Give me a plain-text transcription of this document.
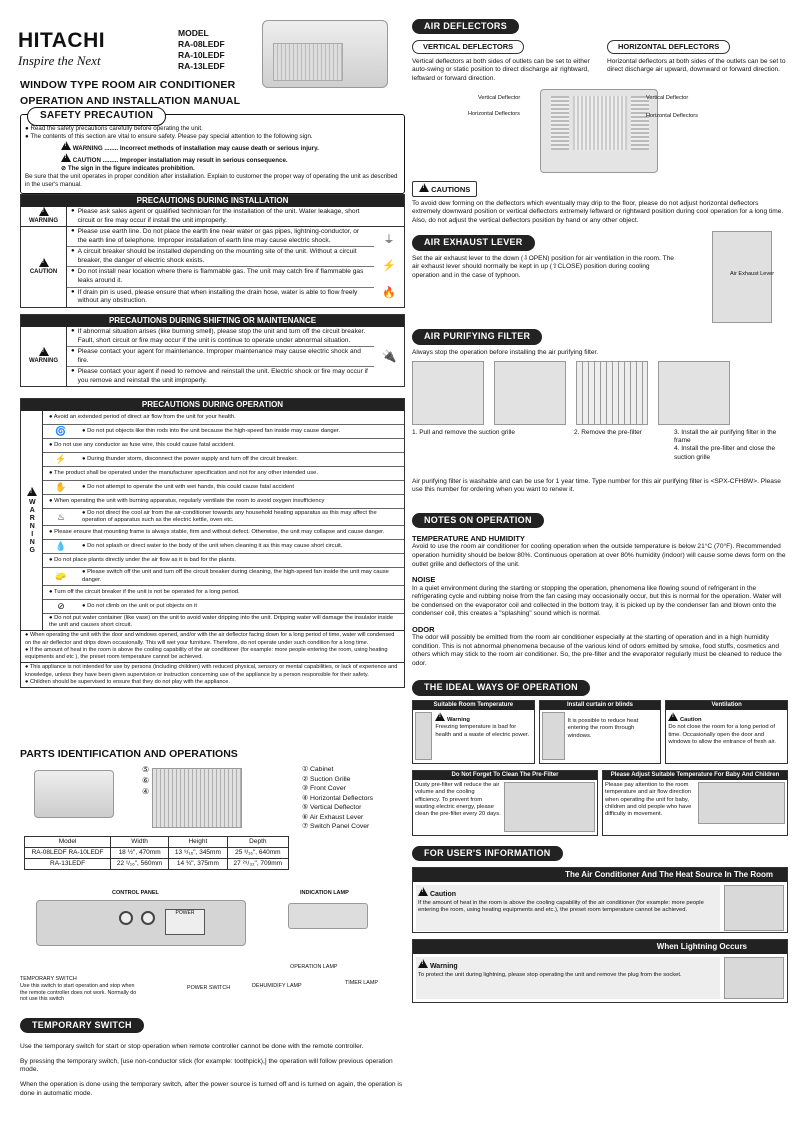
HITACHI
Inspire the Next
MODEL
RA-08LEDF
RA-10LEDF
RA-13LEDF
WINDOW TYPE ROOM AIR CONDITIONER
OPERATION AND INSTALLATION MANUAL
SAFETY PRECAUTION
● Read the safety precautions carefully before operating the unit.
● The contents of this section are vital to ensure safety. Please pay special attention to the following sign.
! WARNING ........ Incorrect methods of installation may cause death or serious injury.
! CAUTION ......... Improper installation may result in serious consequence.
⊘ The sign in the figure indicates prohibition.
Be sure that the unit operates in proper condition after installation. Explain to customer the proper way of operating the unit as described in the user's manual.
PRECAUTIONS DURING INSTALLATION
!
WARNING
● Please ask sales agent or qualified technician for the installation of the unit. Water leakage, short circuit or fire may occur if install the unit improperly.
!
CAUTION
● Please use earth line. Do not place the earth line near water or gas pipes, lightning-conductor, or the earth line of telephone. Improper installation of earth line may cause electric shock.
● A circuit breaker should be installed depending on the mounting site of the unit. Without a circuit breaker, the danger of electric shock exists.
● Do not install near location where there is flammable gas. The unit may catch fire if flammable gas leaks around it.
● If drain pin is used, please ensure that when installing the drain hose, water is able to flow freely without any obstruction.
⏚
⚡
🔥
PRECAUTIONS DURING SHIFTING OR MAINTENANCE
!
WARNING
● If abnormal situation arises (like burning smell), please stop the unit and turn off the circuit breaker. Fault, short circuit or fire may occur if the unit is continue to operate under abnormal situation.
● Please contact your agent for maintenance. Improper maintenance may cause electric shock and fire.
● Please contact your agent if need to remove and reinstall the unit. Electric shock or fire may occur if you remove and reinstall the unit improperly.
🔌
PRECAUTIONS DURING OPERATION
!
WARNING
● Avoid an extended period of direct air flow from the unit for your health.
🌀	● Do not put objects like thin rods into the unit because the high-speed fan inside may cause danger.
● Do not use any conductor as fuse wire, this could cause fatal accident.
⚡	● During thunder storm, disconnect the power supply and turn off the circuit breaker.
● The product shall be operated under the manufacturer specification and not for any other intended use.
✋	● Do not attempt to operate the unit with wet hands, this could cause fatal accident
● When operating the unit with burning apparatus, regularly ventilate the room to avoid oxygen insufficiency
♨	● Do not direct the cool air from the air-conditioner towards any household heating apparatus as this may affect the operation of apparatus such as the electric kettle, oven etc.
● Please ensure that mounting frame is always stable, firm and without defect. Otherwise, the unit may collapse and cause danger.
💧	● Do not splash or direct water to the body of the unit when cleaning it as this may cause short circuit.
● Do not place plants directly under the air flow as it is bad for the plants.
🧽	● Please switch off the unit and turn off the circuit breaker during cleaning, the high-speed fan inside the unit may cause danger.
● Turn off the circuit breaker if the unit is not be operated for a long period.
⊘	● Do not climb on the unit or put objects on it
● Do not put water container (like vase) on the unit to avoid water dripping into the unit. Dripping water will damage the insulator inside the unit and causes short circuit.
● When operating the unit with the door and windows opened, and/or with the air deflector facing down for a long period of time, water will condensed on the air deflector and drips down occasionally. This will wet your furniture. Therefore, do not operate under such condition for a long time.
● If the amount of heat in the room is above the cooling capability of the air conditioner (for example: more people entering the room, using heating equipments and etc ), the preset room temperature cannot be achieved.
● This appliance is not intended for use by persons (including children) with reduced physical, sensory or mental capabilities, or lack of experience and knowledge, unless they have been given supervision or instruction concerning use of the appliance by a person responsible for their safety.
● Children should be supervised to ensure that they do not play with the appliance.
PARTS IDENTIFICATION AND OPERATIONS
⑤
⑥
④
① Cabinet
② Suction Grille
③ Front Cover
④ Horizontal Deflectors
⑤ Vertical Deflector
⑥ Air Exhaust Lever
⑦ Switch Panel Cover
Model	Width	Height	Depth
RA-08LEDF RA-10LEDF	18 ½", 470mm	13 ⁹/₁₆", 345mm	25 ³/₁₆", 640mm
RA-13LEDF	22 ¹/₁₆", 560mm	14 ¾", 375mm	27 ²⁹/₃₂", 709mm
CONTROL PANEL
POWER
TEMPORARY SWITCH
Use this switch to start operation and stop when the remote controller does not work. Normally do not use this switch
POWER SWITCH
INDICATION LAMP
OPERATION LAMP
DEHUMIDIFY LAMP	TIMER LAMP
TEMPORARY SWITCH
Use the temporary switch for start or stop operation when remote controller cannot be done with the remote controller.
By pressing the temporary switch, [use non-conductor stick (for example: toothpick),] the operation will follow previous operation mode.
When the operation is done using the temporary switch, after the power source is turned off and is turned on again, the operation is done in automatic mode.
AIR DEFLECTORS
VERTICAL DEFLECTORS
Vertical deflectors at both sides of outlets can be set to either auto-swing or static position to direct discharge air rightward, leftward or forward direction.
HORIZONTAL DEFLECTORS
Horizontal deflectors at both sides of the outlets can be set to direct discharge air upward, downward or forward direction.
Vertical Deflector
Horizontal Deflectors
Vertical Deflector
Horizontal Deflectors
! CAUTIONS
To avoid dew forming on the deflectors which eventually may drip to the floor, please do not adjust horizontal deflectors extremely downward position or vertical deflectors extremely leftward or rightward position during cool operation for a long time.
Also, do not adjust the vertical deflectors position by hand or any other object.
AIR EXHAUST LEVER
Set the air exhaust lever to the down (⇩OPEN) position for air ventilation in the room. The air exhaust lever should normally be kept in up (⇧CLOSE) position during cooling operation and in the case of typhoon.	Air Exhaust Lever
AIR PURIFYING FILTER
Always stop the operation before installing the air purifying filter.
1. Pull and remove the suction grille	2. Remove the pre-filter	3. Install the air purifying filter in the frame
4. Install the pre-filter and close the suction grille
Air purifying filter is washable and can be use for 1 year time. Type number for this air purifying filter is <SPX-CFH8W>. Please use this number for ordering when you want to renew it.
NOTES ON OPERATION
TEMPERATURE AND HUMIDITY
Avoid to use the room air conditioner for cooling operation when the outside temperature is below 21°C (70°F). Recommended operation humidity should be below 80%. Continuous operation at over 80% humidity (indoor) will cause some dews form on the outlet grille and deflectors of the unit.
NOISE
In a quiet environment during the starting or stopping the operation, phenomena like flowing sound of refrigerant in the refrigerating cycle and rubbing noise from the fan casing may occasionally occur, but this is normal for the operation. Water will be condensed on the evaporator coil and collected in the bottom tray, it is picked up by the condenser fan and blown onto the condenser coil, this creates a "splashing" sound which is normal.
ODOR
The odor will possibly be emitted from the room air conditioner especially at the starting of operation and in a high humidity condition. This is not abnormal phenomena because of the various kind of odors emitted by smoke, food stuffs, cosmetics and others which may stick to the room air conditioner. So, the pre-filter and the evaporator regularly must be cleaned to reduce the odor.
THE IDEAL WAYS OF OPERATION
Suitable Room Temperature
! Warning
Freezing temperature is bad for health and a waste of electric power.
Install curtain or blinds
It is possible to reduce heat entering the room through windows.
Ventilation
! Caution
Do not close the room for a long period of time. Occasionally open the door and windows to allow the entrance of fresh air.
Do Not Forget To Clean The Pre-Filter
Dusty pre-filter will reduce the air volume and the cooling efficiency. To prevent from wasting electric energy, please clean the pre-filter every 20 days.
Please Adjust Suitable Temperature For Baby And Children
Please pay attention to the room temperature and air flow direction when operating the unit for baby, children and old people who have difficulty in movement.
FOR USER'S INFORMATION
The Air Conditioner And The Heat Source In The Room
! Caution
If the amount of heat in the room is above the cooling capability of the air conditioner (for example: more people entering the room, using heating equipments and etc.), the preset room temperature cannot be achieved.
When Lightning Occurs
! Warning
To protect the unit during lightning, please stop operating the unit and remove the plug from the socket.
